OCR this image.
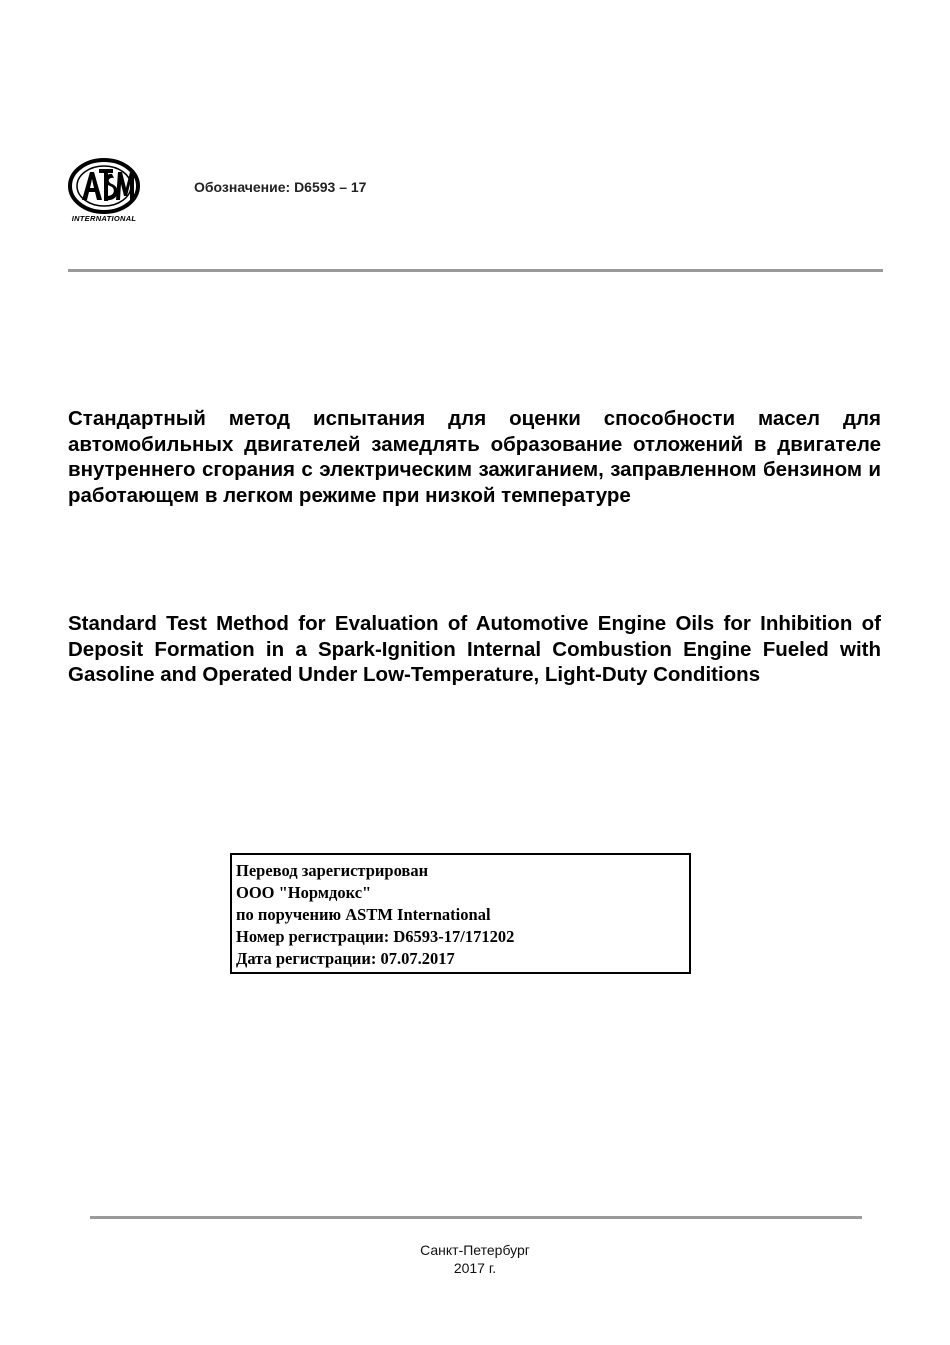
INTERNATIONAL
Обозначение: D6593 – 17

Стандартный метод испытания для оценки способности масел для автомобильных двигателей замедлять образование отложений в двигателе внутреннего сгорания с электрическим зажиганием, заправленном бензином и работающем в легком режиме при низкой температуре

Standard Test Method for Evaluation of Automotive Engine Oils for Inhibition of Deposit Formation in a Spark-Ignition Internal Combustion Engine Fueled with Gasoline and Operated Under Low-Temperature, Light-Duty Conditions

Перевод зарегистрирован
ООО "Нормдокс"
по поручению ASTM International
Номер регистрации: D6593-17/171202
Дата регистрации: 07.07.2017
Санкт-Петербург
2017 г.
